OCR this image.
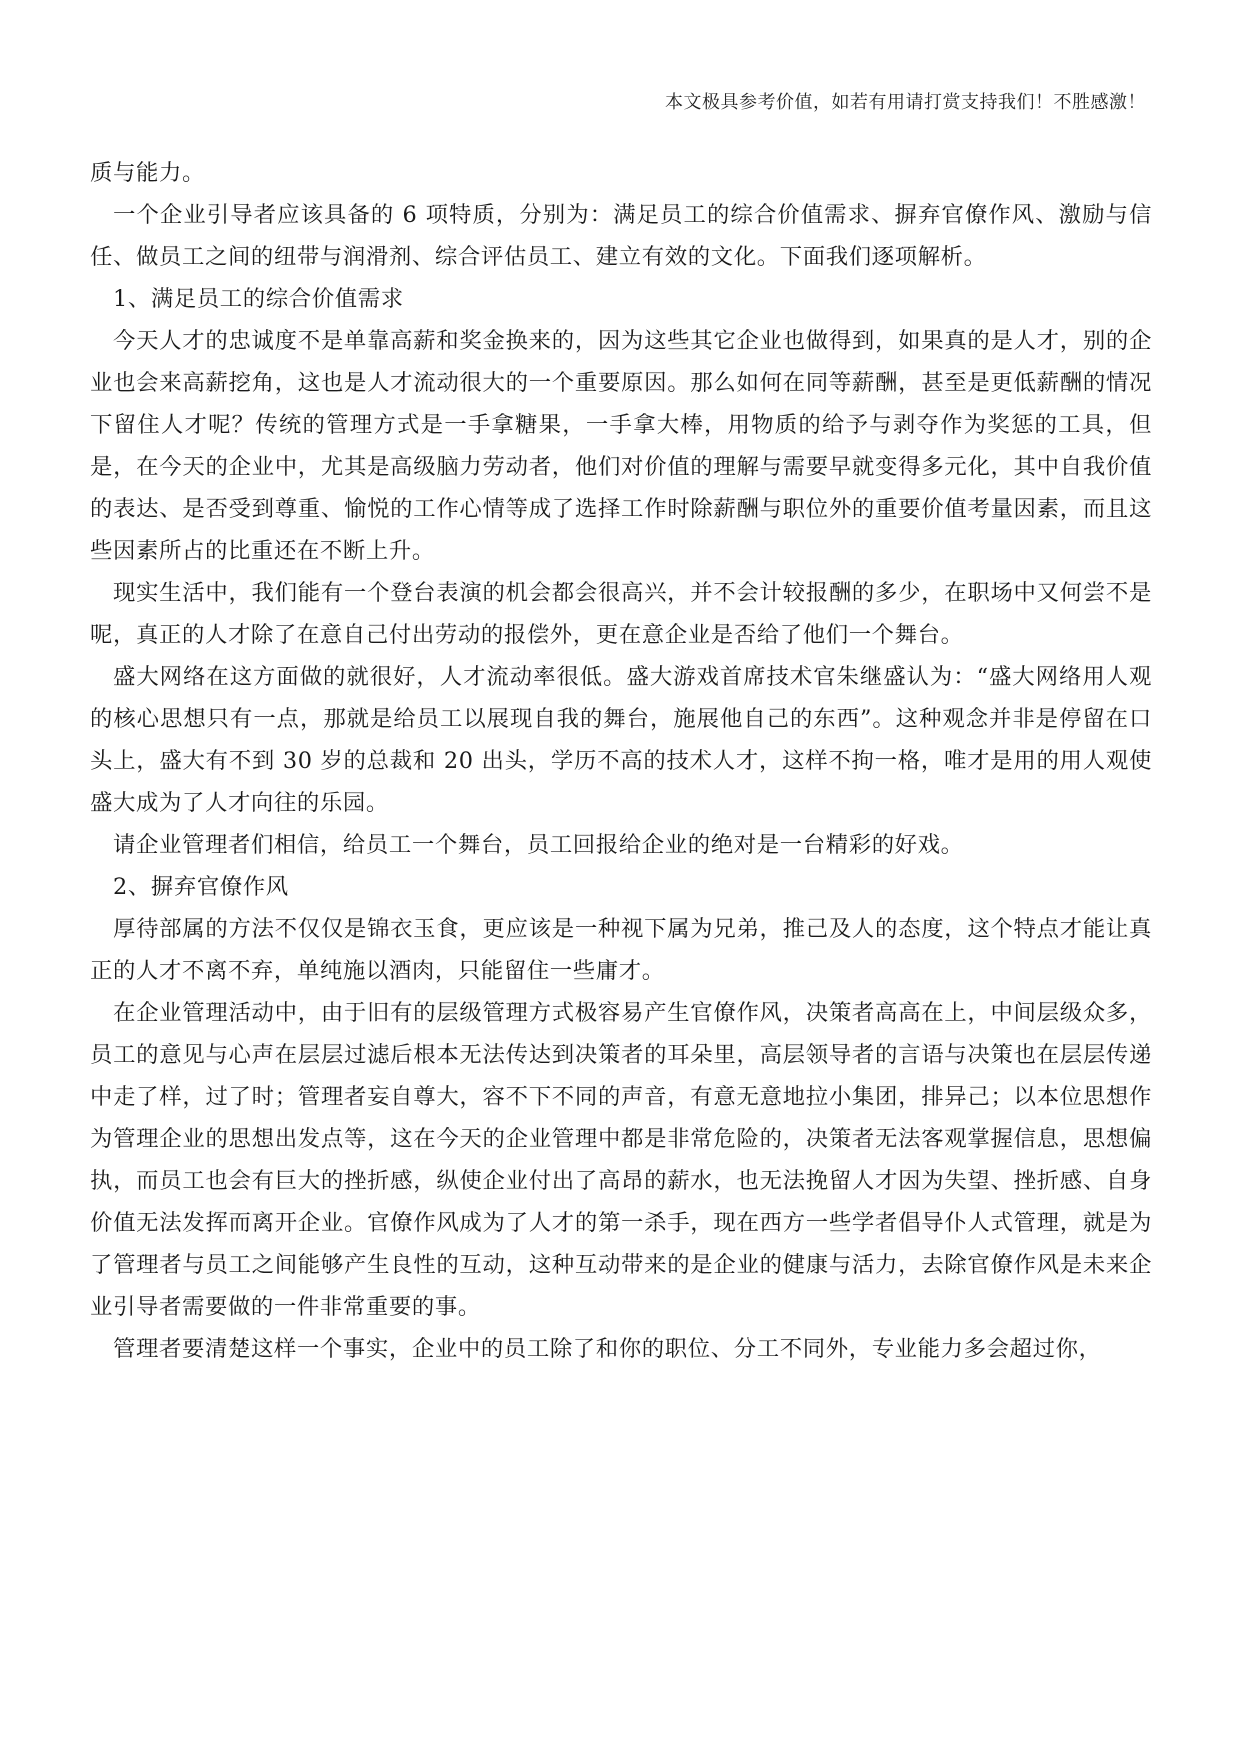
本文极具参考价值，如若有用请打赏支持我们！不胜感激！

质与能力。

一个企业引导者应该具备的 6 项特质，分别为：满足员工的综合价值需求、摒弃官僚作风、激励与信任、做员工之间的纽带与润滑剂、综合评估员工、建立有效的文化。下面我们逐项解析。

1、满足员工的综合价值需求

今天人才的忠诚度不是单靠高薪和奖金换来的，因为这些其它企业也做得到，如果真的是人才，别的企业也会来高薪挖角，这也是人才流动很大的一个重要原因。那么如何在同等薪酬，甚至是更低薪酬的情况下留住人才呢？传统的管理方式是一手拿糖果，一手拿大棒，用物质的给予与剥夺作为奖惩的工具，但是，在今天的企业中，尤其是高级脑力劳动者，他们对价值的理解与需要早就变得多元化，其中自我价值的表达、是否受到尊重、愉悦的工作心情等成了选择工作时除薪酬与职位外的重要价值考量因素，而且这些因素所占的比重还在不断上升。

现实生活中，我们能有一个登台表演的机会都会很高兴，并不会计较报酬的多少，在职场中又何尝不是呢，真正的人才除了在意自己付出劳动的报偿外，更在意企业是否给了他们一个舞台。

盛大网络在这方面做的就很好，人才流动率很低。盛大游戏首席技术官朱继盛认为：“盛大网络用人观的核心思想只有一点，那就是给员工以展现自我的舞台，施展他自己的东西”。这种观念并非是停留在口头上，盛大有不到 30 岁的总裁和 20 出头，学历不高的技术人才，这样不拘一格，唯才是用的用人观使盛大成为了人才向往的乐园。

请企业管理者们相信，给员工一个舞台，员工回报给企业的绝对是一台精彩的好戏。

2、摒弃官僚作风

厚待部属的方法不仅仅是锦衣玉食，更应该是一种视下属为兄弟，推己及人的态度，这个特点才能让真正的人才不离不弃，单纯施以酒肉，只能留住一些庸才。

在企业管理活动中，由于旧有的层级管理方式极容易产生官僚作风，决策者高高在上，中间层级众多，员工的意见与心声在层层过滤后根本无法传达到决策者的耳朵里，高层领导者的言语与决策也在层层传递中走了样，过了时；管理者妄自尊大，容不下不同的声音，有意无意地拉小集团，排异己；以本位思想作为管理企业的思想出发点等，这在今天的企业管理中都是非常危险的，决策者无法客观掌握信息，思想偏执，而员工也会有巨大的挫折感，纵使企业付出了高昂的薪水，也无法挽留人才因为失望、挫折感、自身价值无法发挥而离开企业。官僚作风成为了人才的第一杀手，现在西方一些学者倡导仆人式管理，就是为了管理者与员工之间能够产生良性的互动，这种互动带来的是企业的健康与活力，去除官僚作风是未来企业引导者需要做的一件非常重要的事。

管理者要清楚这样一个事实，企业中的员工除了和你的职位、分工不同外，专业能力多会超过你，
